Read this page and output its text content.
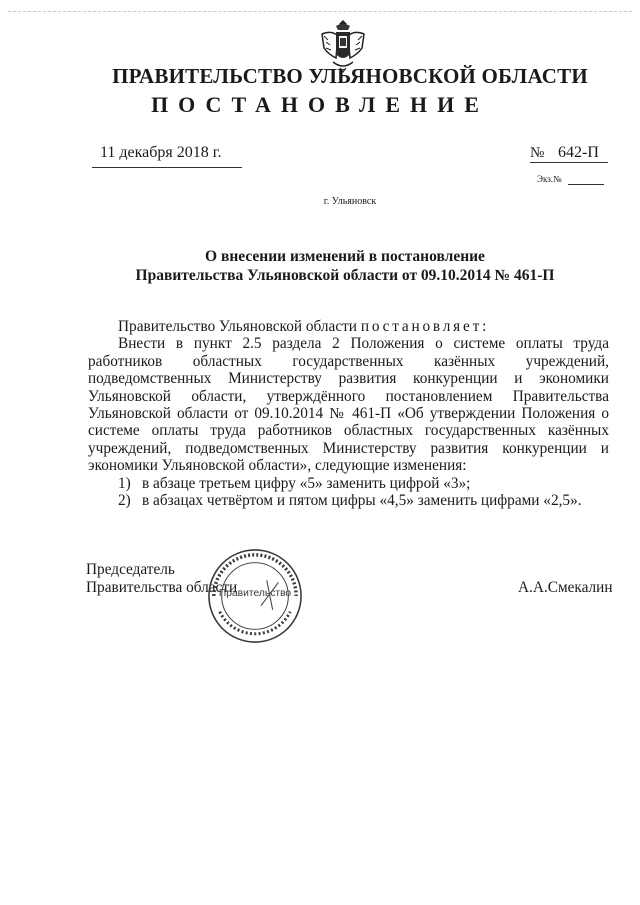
ПРАВИТЕЛЬСТВО УЛЬЯНОВСКОЙ ОБЛАСТИ
ПОСТАНОВЛЕНИЕ
11 декабря 2018 г.	№ 642-П
Экз.№
г. Ульяновск
О внесении изменений в постановление
Правительства Ульяновской области от 09.10.2014 № 461-П

Правительство Ульяновской области постановляет:

Внести в пункт 2.5 раздела 2 Положения о системе оплаты труда работников областных государственных казённых учреждений, подведомственных Министерству развития конкуренции и экономики Ульяновской области, утверждённого постановлением Правительства Ульяновской области от 09.10.2014 № 461-П «Об утверждении Положения о системе оплаты труда работников областных государственных казённых учреждений, подведомственных Министерству развития конкуренции и экономики Ульяновской области», следующие изменения:

1) в абзаце третьем цифру «5» заменить цифрой «3»;
2) в абзацах четвёртом и пятом цифры «4,5» заменить цифрами «2,5».
Председатель
Правительства области	А.А.Смекалин
Правительство
